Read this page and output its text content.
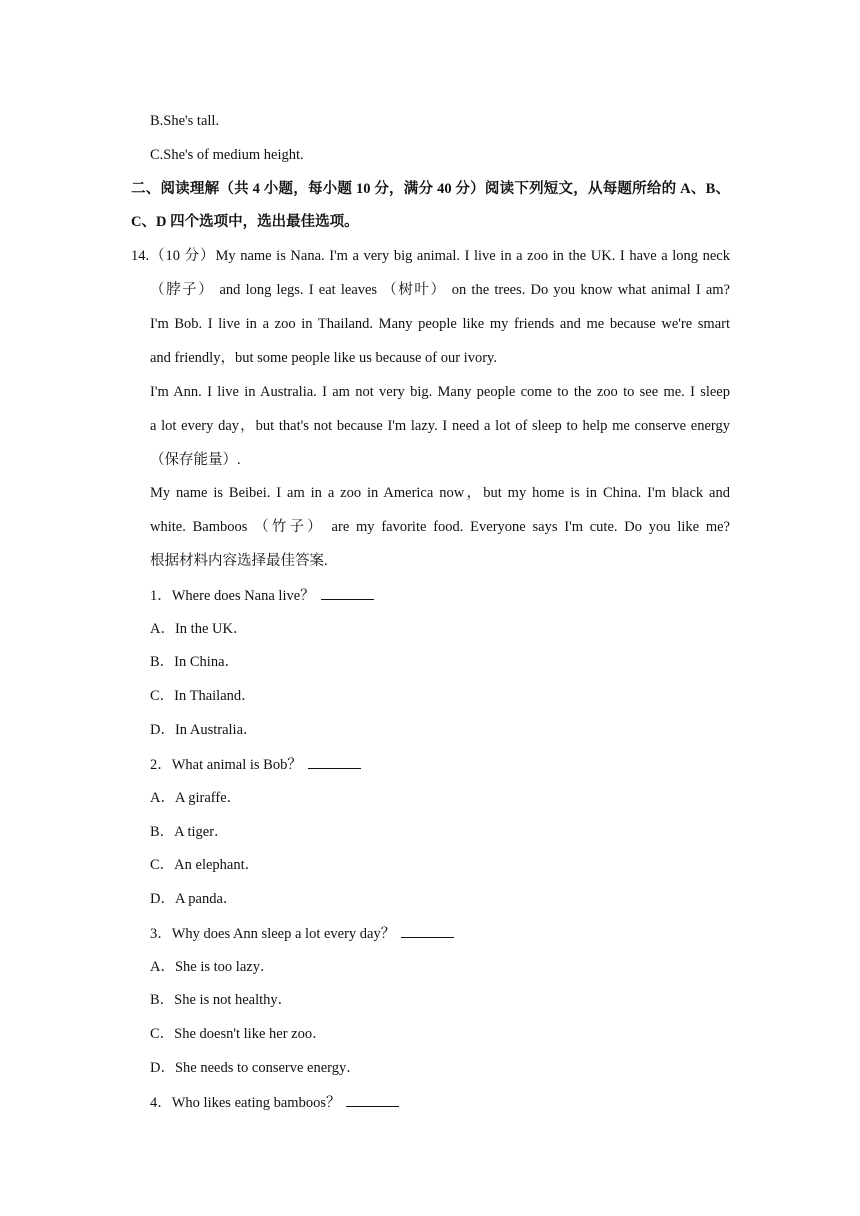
B.She's tall.
C.She's of medium height.
二、阅读理解（共 4 小题，每小题 10 分，满分 40 分）阅读下列短文，从每题所给的 A、B、
C、D 四个选项中，选出最佳选项。
14.（10 分）My name is Nana. I'm a very big animal. I live in a zoo in the UK. I have a long neck
（脖子） and long legs. I eat leaves （树叶） on the trees. Do you know what animal I am?
I'm Bob. I live in a zoo in Thailand. Many people like my friends and me because we're smart
and friendly，but some people like us because of our ivory.
I'm Ann. I live in Australia. I am not very big. Many people come to the zoo to see me. I sleep
a lot every day，but that's not because I'm lazy. I need a lot of sleep to help me conserve energy
（保存能量）.
My name is Beibei. I am in a zoo in America now，but my home is in China. I'm black and
white. Bamboos （竹子） are my favorite food. Everyone says I'm cute. Do you like me?
根据材料内容选择最佳答案.
1．Where does Nana live？
A．In the UK．
B．In China．
C．In Thailand．
D．In Australia．
2．What animal is Bob？
A．A giraffe．
B．A tiger．
C．An elephant．
D．A panda．
3．Why does Ann sleep a lot every day？
A．She is too lazy．
B．She is not healthy．
C．She doesn't like her zoo．
D．She needs to conserve energy．
4．Who likes eating bamboos？
